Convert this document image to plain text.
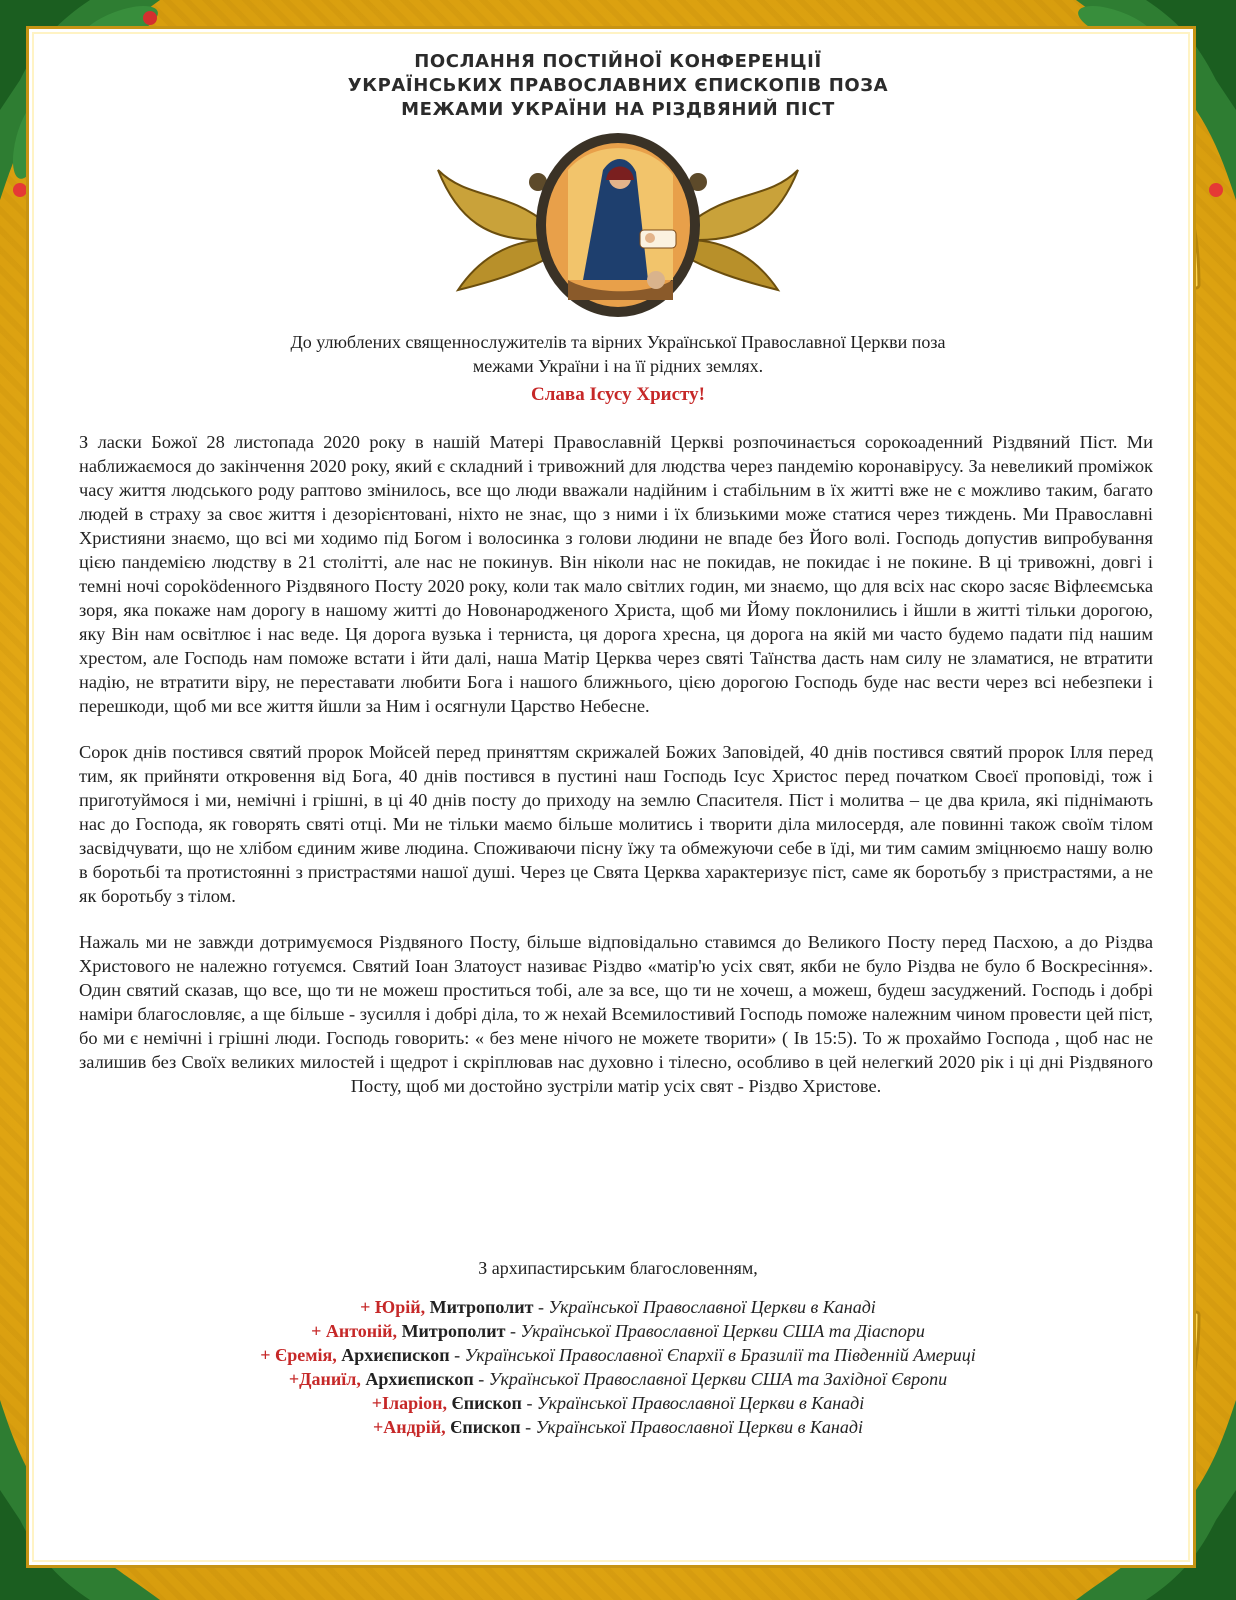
ПОСЛАННЯ ПОСТІЙНОЇ КОНФЕРЕНЦІЇ
УКРАЇНСЬКИХ ПРАВОСЛАВНИХ ЄПИСКОПІВ ПОЗА
МЕЖАМИ УКРАЇНИ НА РІЗДВЯНИЙ ПІСТ
До улюблених священнослужителів та вірних Української Православної Церкви поза
межами України і на її рідних землях.
Слава Ісусу Христу!

З ласки Божої 28 листопада 2020 року в нашій Матері Православній Церкві розпочинається сорокоаденний Різдвяний Піст. Ми наближаємося до закінчення 2020 року, який є складний і тривожний для людства через пандемію коронавірусу. За невеликий проміжок часу життя людського роду раптово змінилось, все що люди вважали надійним і стабільним в їх житті вже не є можливо таким, багато людей в страху за своє життя і дезорієнтовані, ніхто не знає, що з ними і їх близькими може статися через тиждень. Ми Православні Християни знаємо, що всі ми ходимо під Богом і волосинка з голови людини не впаде без Його волі. Господь допустив випробування цією пандемією людству в 21 столітті, але нас не покинув. Він ніколи нас не покидав, не покидає і не покине. В ці тривожні, довгі і темні ночі сороködенного Різдвяного Посту 2020 року, коли так мало світлих годин, ми знаємо, що для всіх нас скоро засяє Віфлеємська зоря, яка покаже нам дорогу в нашому житті до Новонародженого Христа, щоб ми Йому поклонились і йшли в житті тільки дорогою, яку Він нам освітлює і нас веде. Ця дорога вузька і терниста, ця дорога хресна, ця дорога на якій ми часто будемо падати під нашим хрестом, але Господь нам поможе встати і йти далі, наша Матір Церква через святі Таїнства дасть нам силу не зламатися, не втратити надію, не втратити віру, не переставати любити Бога і нашого ближнього, цією дорогою Господь буде нас вести через всі небезпеки і перешкоди, щоб ми все життя йшли за Ним і осягнули Царство Небесне.

Сорок днів постився святий пророк Мойсей перед приняттям скрижалей Божих Заповідей, 40 днів постився святий пророк Ілля перед тим, як прийняти откровення від Бога, 40 днів постився в пустині наш Господь Ісус Христос перед початком Своєї проповіді, тож і приготуймося і ми, немічні і грішні, в ці 40 днів посту до приходу на землю Спасителя. Піст і молитва – це два крила, які піднімають нас до Господа, як говорять святі отці. Ми не тільки маємо більше молитись і творити діла милосердя, але повинні також своїм тілом засвідчувати, що не хлібом єдиним живе людина. Споживаючи пісну їжу та обмежуючи себе в їді, ми тим самим зміцнюємо нашу волю в боротьбі та протистоянні з пристрастями нашої душі. Через це Свята Церква характеризує піст, саме як боротьбу з пристрастями, а не як боротьбу з тілом.

Нажаль ми не завжди дотримуємося Різдвяного Посту, більше відповідально ставимся до Великого Посту перед Пасхою, а до Різдва Христового не належно готуємся. Святий Іоан Златоуст називає Різдво «матір'ю усіх свят, якби не було Різдва не було б Воскресіння». Один святий сказав, що все, що ти не можеш проститься тобі, але за все, що ти не хочеш, а можеш, будеш засуджений. Господь і добрі наміри благословляє, а ще більше - зусилля і добрі діла, то ж нехай Всемилостивий Господь поможе належним чином провести цей піст, бо ми є немічні і грішні люди. Господь говорить: « без мене нічого не можете творити» ( Ів 15:5). То ж прохаймо Господа , щоб нас не залишив без Своїх великих милостей і щедрот і скріплював нас духовно і тілесно, особливо в цей нелегкий 2020 рік і ці дні Різдвяного Посту, щоб ми достойно зустріли матір усіх свят - Різдво Христове.

З архипастирським благословенням,
+ Юрій, Митрополит - Української Православної Церкви в Канаді
+ Антоній, Митрополит - Української Православної Церкви США та Діаспори
+ Єремія, Архиєпископ - Української Православної Єпархії в Бразилії та Південній Америці
+Даниїл, Архиєпископ - Української Православної Церкви США та Західної Європи
+Іларіон, Єпископ - Української Православної Церкви в Канаді
+Андрій, Єпископ - Української Православної Церкви в Канаді
